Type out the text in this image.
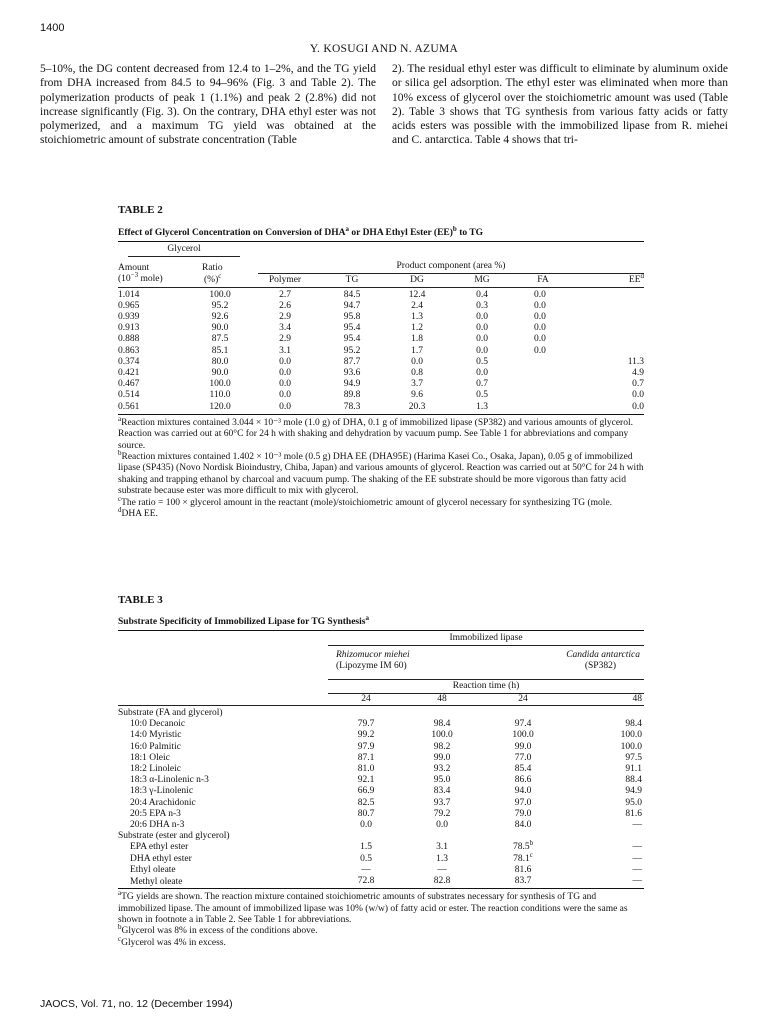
1400
Y. KOSUGI AND N. AZUMA

5–10%, the DG content decreased from 12.4 to 1–2%, and the TG yield from DHA increased from 84.5 to 94–96% (Fig. 3 and Table 2). The polymerization products of peak 1 (1.1%) and peak 2 (2.8%) did not increase significantly (Fig. 3). On the contrary, DHA ethyl ester was not polymerized, and a maximum TG yield was obtained at the stoichiometric amount of substrate concentration (Table

2). The residual ethyl ester was difficult to eliminate by aluminum oxide or silica gel adsorption. The ethyl ester was eliminated when more than 10% excess of glycerol over the stoichiometric amount was used (Table 2). Table 3 shows that TG synthesis from various fatty acids or fatty acids esters was possible with the immobilized lipase from R. miehei and C. antarctica. Table 4 shows that tri-

TABLE 2
Effect of Glycerol Concentration on Conversion of DHA$^a$ or DHA Ethyl Ester (EE)$^b$ to TG
Glycerol							
Amount	Ratio	Product component (area %)					

($10^{-3}$ mole)	(%)$^c$	Polymer	TG	DG	MG	FA	$EE^d$
1.014	100.0	2.7	84.5	12.4	0.4	0.0	
0.965	95.2	2.6	94.7	2.4	0.3	0.0	
0.939	92.6	2.9	95.8	1.3	0.0	0.0	
0.913	90.0	3.4	95.4	1.2	0.0	0.0	
0.888	87.5	2.9	95.4	1.8	0.0	0.0	
0.863	85.1	3.1	95.2	1.7	0.0	0.0	
0.374	80.0	0.0	87.7	0.0	0.5		11.3
0.421	90.0	0.0	93.6	0.8	0.0		4.9
0.467	100.0	0.0	94.9	3.7	0.7		0.7
0.514	110.0	0.0	89.8	9.6	0.5		0.0
0.561	120.0	0.0	78.3	20.3	1.3		0.0

$^a$Reaction mixtures contained 3.044 × 10⁻³ mole (1.0 g) of DHA, 0.1 g of immobilized lipase (SP382) and various amounts of glycerol. Reaction was carried out at 60°C for 24 h with shaking and dehydration by vacuum pump. See Table 1 for abbreviations and company source.

$^b$Reaction mixtures contained 1.402 × 10⁻³ mole (0.5 g) DHA EE (DHA95E) (Harima Kasei Co., Osaka, Japan), 0.05 g of immobilized lipase (SP435) (Novo Nordisk Bioindustry, Chiba, Japan) and various amounts of glycerol. Reaction was carried out at 50°C for 24 h with shaking and trapping ethanol by charcoal and vacuum pump. The shaking of the EE substrate should be more vigorous than fatty acid substrate because ester was more difficult to mix with glycerol.

$^c$The ratio = 100 × glycerol amount in the reactant (mole)/stoichiometric amount of glycerol necessary for synthesizing TG (mole.

$^d$DHA EE.

TABLE 3
Substrate Specificity of Immobilized Lipase for TG Synthesis$^a$
	Immobilized lipase			
	Rhizomucor miehei		Candida antarctica	
	(Lipozyme IM 60)		(SP382)	

	Reaction time (h)			

	24	48	24	48
Substrate (FA and glycerol)				
10:0 Decanoic	79.7	98.4	97.4	98.4
14:0 Myristic	99.2	100.0	100.0	100.0
16:0 Palmitic	97.9	98.2	99.0	100.0
18:1 Oleic	87.1	99.0	77.0	97.5
18:2 Linoleic	81.0	93.2	85.4	91.1
18:3 α-Linolenic n-3	92.1	95.0	86.6	88.4
18:3 γ-Linolenic	66.9	83.4	94.0	94.9
20:4 Arachidonic	82.5	93.7	97.0	95.0
20:5 EPA n-3	80.7	79.2	79.0	81.6
20:6 DHA n-3	0.0	0.0	84.0	—
Substrate (ester and glycerol)				
EPA ethyl ester	1.5	3.1	78.5$^b$	—
DHA ethyl ester	0.5	1.3	78.1$^c$	—
Ethyl oleate	—	—	81.6	—
Methyl oleate	72.8	82.8	83.7	—

$^a$TG yields are shown. The reaction mixture contained stoichiometric amounts of substrates necessary for synthesis of TG and immobilized lipase. The amount of immobilized lipase was 10% (w/w) of fatty acid or ester. The reaction conditions were the same as shown in footnote a in Table 2. See Table 1 for abbreviations.

$^b$Glycerol was 8% in excess of the conditions above.

$^c$Glycerol was 4% in excess.

JAOCS, Vol. 71, no. 12 (December 1994)
